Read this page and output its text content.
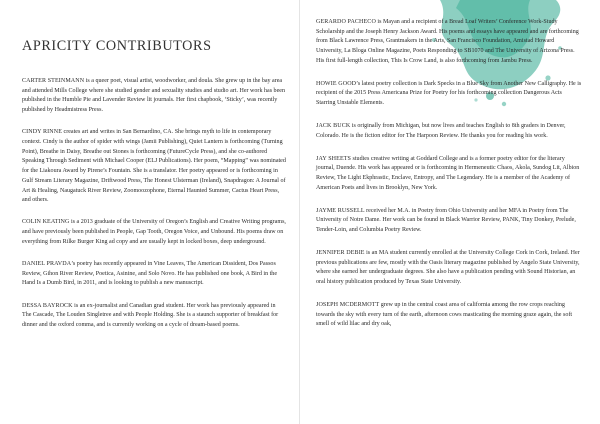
APRICITY CONTRIBUTORS

CARTER STEINMANN is a queer poet, visual artist, woodworker, and doula. She grew up in the bay area and attended Mills College where she studied gender and sexuality studies and studio art. Her work has been published in the Humble Pie and Lavender Review lit journals. Her first chapbook, ‘Sticky’, was recently published by Headmistress Press.

CINDY RINNE creates art and writes in San Bernardino, CA. She brings myth to life in contemporary context. Cindy is the author of spider with wings (Jamii Publishing), Quiet Lantern is forthcoming (Turning Point), Breathe in Daisy, Breathe out Stones is forthcoming (FutureCycle Press), and she co-authored Speaking Through Sediment with Michael Cooper (ELJ Publications). Her poem, “Mapping” was nominated for the Liakoura Award by Pirene’s Fountain. She is a translator. Her poetry appeared or is forthcoming in Gulf Stream Literary Magazine, Driftwood Press, The Honest Ulsterman (Ireland), Snapdragon: A Journal of Art & Healing, Naugatuck River Review, Zoomoozophone, Eternal Haunted Summer, Cactus Heart Press, and others.

COLIN KEATING is a 2013 graduate of the University of Oregon’s English and Creative Writing programs, and have previously been published in People, Gap Tooth, Oregon Voice, and Unbound. His poems draw on everything from Rilke Burger King ad copy and are usually kept in locked boxes, deep underground.

DANIEL PRAVDA’s poetry has recently appeared in Vine Leaves, The American Dissident, Dos Passos Review, Gihon River Review, Poetica, Asinine, and Solo Novo. He has published one book, A Bird in the Hand Is a Dumb Bird, in 2011, and is looking to publish a new manuscript.

DESSA BAYROCK is an ex-journalist and Canadian grad student. Her work has previously appeared in The Cascade, The Louden Singletree and with People Holding. She is a staunch supporter of breakfast for dinner and the oxford comma, and is currently working on a cycle of dream-based poems.

GERARDO PACHECO is Mayan and a recipient of a Bread Loaf Writers’ Conference Work-Study Scholarship and the Joseph Henry Jackson Award. His poems and essays have appeared and are forthcoming from Black Lawrence Press, Grantmakers in the Arts, San Francisco Foundation, Amistad Howard University, La Bloga Online Magazine, Poets Responding to SB1070 and The University of Arizona Press. His first full-length collection, This Is Crow Land, is also forthcoming from Jambu Press.

HOWIE GOOD’s latest poetry collection is Dark Specks in a Blue Sky from Another New Calligraphy. He is recipient of the 2015 Press Americana Prize for Poetry for his forthcoming collection Dangerous Acts Starring Unstable Elements.

JACK BUCK is originally from Michigan, but now lives and teaches English to 8th graders in Denver, Colorado. He is the fiction editor for The Harpoon Review. He thanks you for reading his work.

JAY SHEETS studies creative writing at Goddard College and is a former poetry editor for the literary journal, Duende. His work has appeared or is forthcoming in Hermeneutic Chaos, Akola, Sundog Lit, Albion Review, The Light Ekphrastic, Enclave, Entropy, and The Legendary. He is a member of the Academy of American Poets and lives in Brooklyn, New York.

JAYME RUSSELL received her M.A. in Poetry from Ohio University and her MFA in Poetry from The University of Notre Dame. Her work can be found in Black Warrior Review, PANK, Tiny Donkey, Prelude, Tender-Loin, and Columbia Poetry Review.

JENNIFER DEBIE is an MA student currently enrolled at the University College Cork in Cork, Ireland. Her previous publications are few, mostly with the Oasis literary magazine published by Angelo State University, where she earned her undergraduate degrees. She also have a publication pending with Sound Historian, an oral history publication produced by Texas State University.

JOSEPH MCDERMOTT grew up in the central coast area of california among the row crops reaching towards the sky with every turn of the earth, afternoon cows masticating the morning graze again, the soft smell of wild lilac and dry oak,
